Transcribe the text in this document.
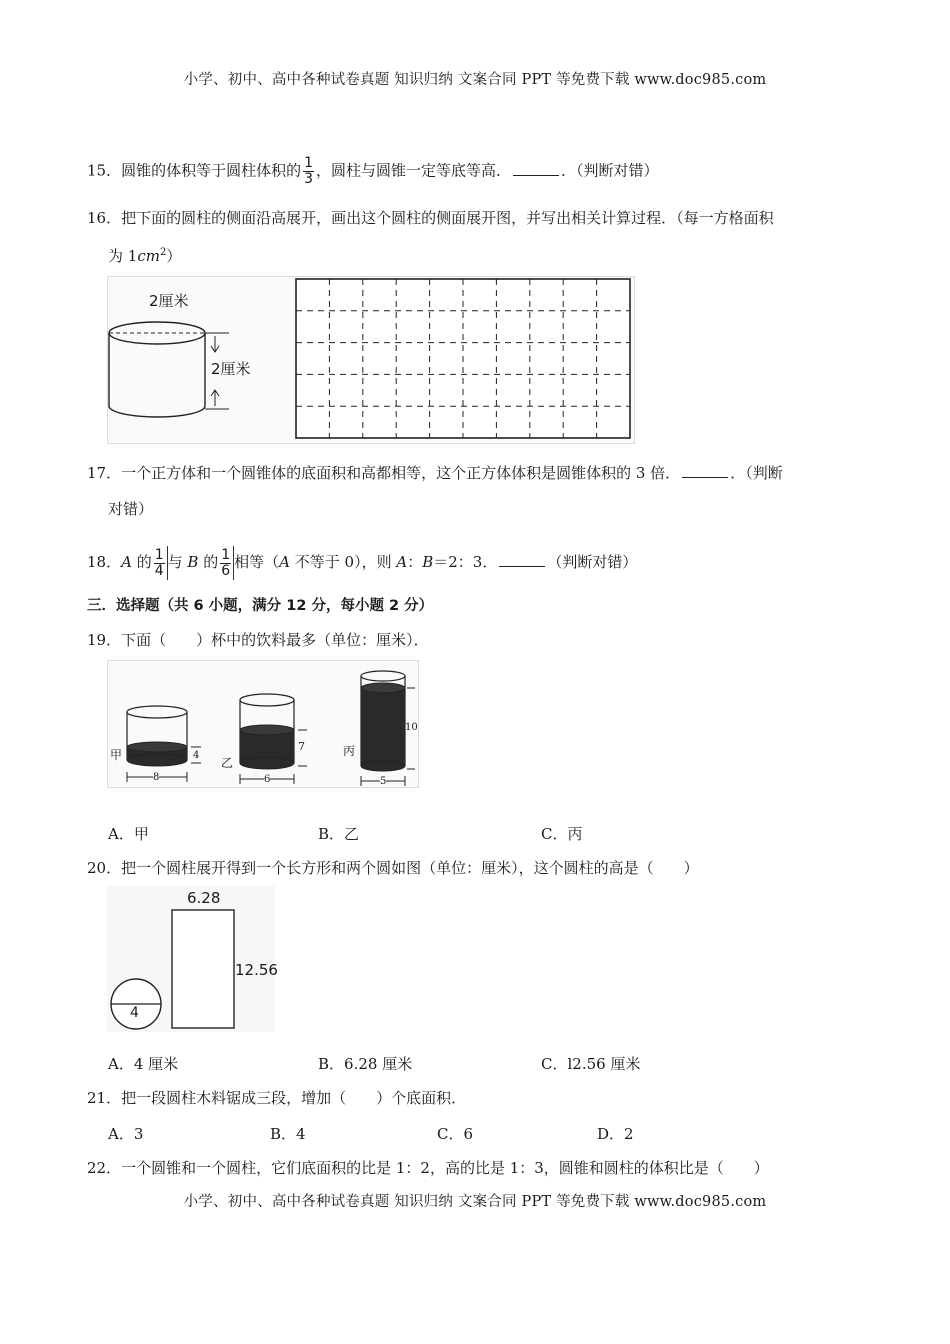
小学、初中、高中各种试卷真题 知识归纳 文案合同 PPT 等免费下载 www.doc985.com
15．圆锥的体积等于圆柱体积的 $\frac{1}{3}$ ，圆柱与圆锥一定等底等高．	．（判断对错）
16．把下面的圆柱的侧面沿高展开，画出这个圆柱的侧面展开图，并写出相关计算过程．（每一方格面积
为 $1cm^2$）
2厘米
2厘米
17．一个正方体和一个圆锥体的底面积和高都相等，这个正方体体积是圆锥体积的 3 倍．	．（判断
对错）
18．A 的 $\frac{1}{4}$ 与 B 的 $\frac{1}{6}$ 相等（A 不等于 0），则 A：B＝2：3．	（判断对错）
三．选择题（共 6 小题，满分 12 分，每小题 2 分）
19．下面（　　）杯中的饮料最多（单位：厘米）．
甲
8
4
乙
6
7	丙
5
10
A．甲	B．乙	C．丙
20．把一个圆柱展开得到一个长方形和两个圆如图（单位：厘米），这个圆柱的高是（　　）
6.28
12.56
4
A．4 厘米	B．6.28 厘米	C．l2.56 厘米
21．把一段圆柱木料锯成三段，增加（　　）个底面积．
A．3	B．4	C．6	D．2
22．一个圆锥和一个圆柱，它们底面积的比是 1：2，高的比是 1：3，圆锥和圆柱的体积比是（　　）
小学、初中、高中各种试卷真题 知识归纳 文案合同 PPT 等免费下载 www.doc985.com
